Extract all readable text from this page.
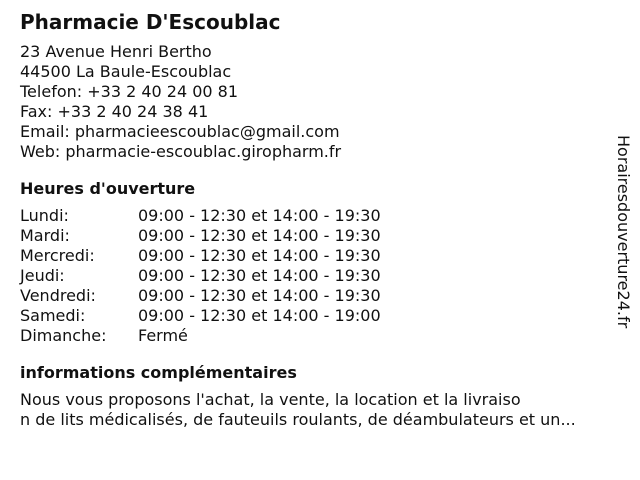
Pharmacie D'Escoublac
23 Avenue Henri Bertho
44500 La Baule-Escoublac
Telefon: +33 2 40 24 00 81
Fax: +33 2 40 24 38 41
Email: pharmacieescoublac@gmail.com
Web: pharmacie-escoublac.giropharm.fr
Heures d'ouverture
Lundi:	09:00 - 12:30 et 14:00 - 19:30
Mardi:	09:00 - 12:30 et 14:00 - 19:30
Mercredi:	09:00 - 12:30 et 14:00 - 19:30
Jeudi:	09:00 - 12:30 et 14:00 - 19:30
Vendredi:	09:00 - 12:30 et 14:00 - 19:30
Samedi:	09:00 - 12:30 et 14:00 - 19:00
Dimanche:	Fermé
informations complémentaires
Nous vous proposons l'achat, la vente, la location et la livraiso
n de lits médicalisés, de fauteuils roulants, de déambulateurs et un...
Horairesdouverture24.fr
